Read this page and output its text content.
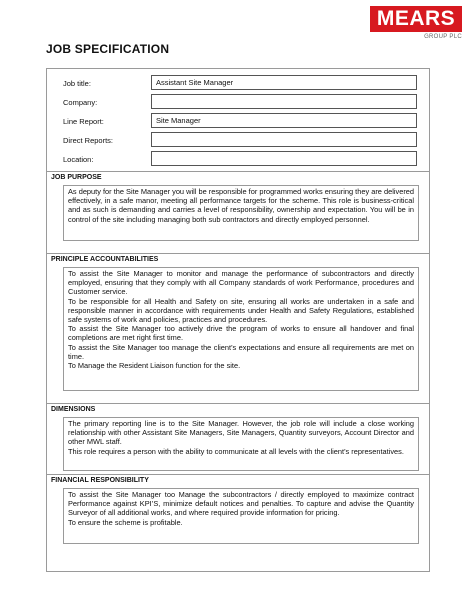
MEARS
GROUP PLC
JOB SPECIFICATION
Job title:	Assistant Site Manager
Company:
Line Report:	Site Manager
Direct Reports:
Location:
JOB PURPOSE

As deputy for the Site Manager you will be responsible for programmed works ensuring they are delivered effectively, in a safe manor, meeting all performance targets for the scheme. This role is business-critical and as such is demanding and carries a level of responsibility, ownership and expectation. You will be in control of the site including managing both sub contractors and directly employed personnel.

PRINCIPLE ACCOUNTABILITIES

To assist the Site Manager to monitor and manage the performance of subcontractors and directly employed, ensuring that they comply with all Company standards of work Performance, procedures and Customer service.

To be responsible for all Health and Safety on site, ensuring all works are undertaken in a safe and responsible manner in accordance with requirements under Health and Safety Regulations, established safe systems of work and policies, practices and procedures.

To assist the Site Manager too actively drive the program of works to ensure all handover and final completions are met right first time.

To assist the Site Manager too manage the client’s expectations and ensure all requirements are met on time.

To Manage the Resident Liaison function for the site.

DIMENSIONS

The primary reporting line is to the Site Manager. However, the job role will include a close working relationship with other Assistant Site Managers, Site Managers, Quantity surveyors, Account Director and other MWL staff.

This role requires a person with the ability to communicate at all levels with the client’s representatives.

FINANCIAL RESPONSIBILITY

To assist the Site Manager too Manage the subcontractors / directly employed to maximize contract Performance against KPI’S, minimize default notices and penalties. To capture and advise the Quantity Surveyor of all additional works, and where required provide information for pricing.

To ensure the scheme is profitable.
